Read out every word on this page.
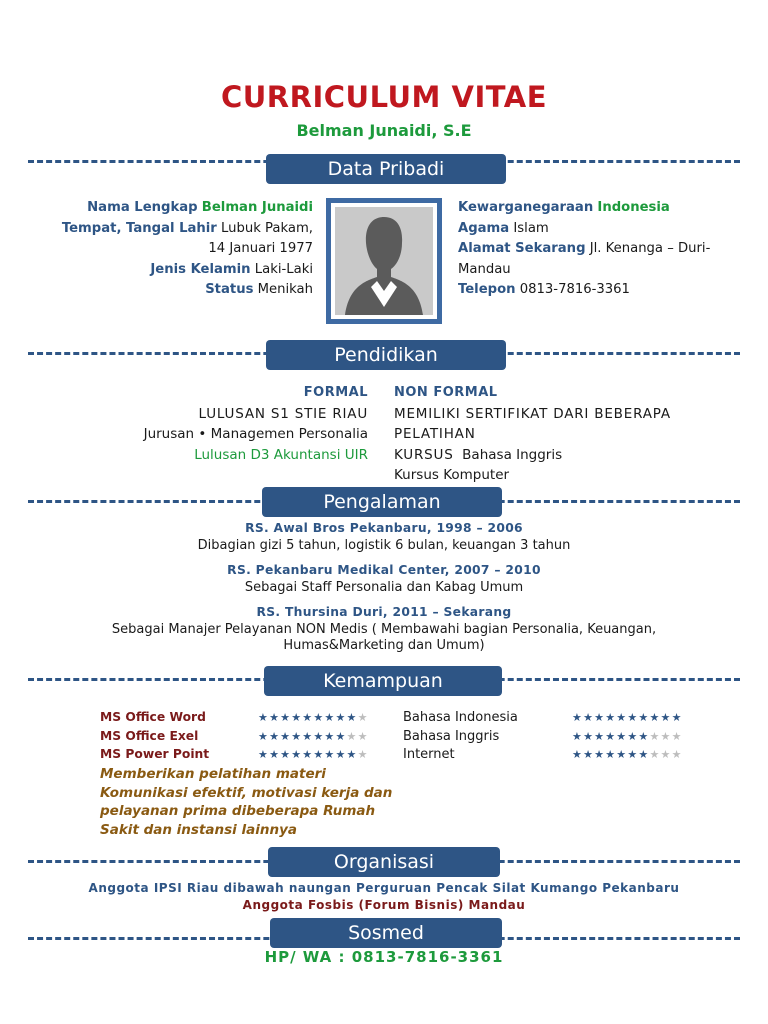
CURRICULUM VITAE
Belman Junaidi, S.E
Data Pribadi
Nama Lengkap Belman Junaidi
Tempat, Tangal Lahir Lubuk Pakam,
14 Januari 1977
Jenis Kelamin Laki-Laki
Status Menikah
Kewarganegaraan Indonesia
Agama Islam
Alamat Sekarang Jl. Kenanga – Duri-
Mandau
Telepon 0813-7816-3361
Pendidikan
FORMAL
LULUSAN S1 STIE RIAU
Jurusan • Managemen Personalia
Lulusan D3 Akuntansi UIR
NON FORMAL
MEMILIKI SERTIFIKAT DARI BEBERAPA
PELATIHAN
KURSUS Bahasa Inggris
Kursus Komputer
Pengalaman
RS. Awal Bros Pekanbaru, 1998 – 2006
Dibagian gizi 5 tahun, logistik 6 bulan, keuangan 3 tahun
RS. Pekanbaru Medikal Center, 2007 – 2010
Sebagai Staff Personalia dan Kabag Umum
RS. Thursina Duri, 2011 – Sekarang
Sebagai Manajer Pelayanan NON Medis ( Membawahi bagian Personalia, Keuangan,
Humas&Marketing dan Umum)
Kemampuan
MS Office Word	★★★★★★★★★★
MS Office Exel	★★★★★★★★★★
MS Power Point	★★★★★★★★★★
Bahasa Indonesia	★★★★★★★★★★
Bahasa Inggris	★★★★★★★★★★
Internet	★★★★★★★★★★
Memberikan pelatihan materi
Komunikasi efektif, motivasi kerja dan
pelayanan prima dibeberapa Rumah
Sakit dan instansi lainnya
Organisasi
Anggota IPSI Riau dibawah naungan Perguruan Pencak Silat Kumango Pekanbaru
Anggota Fosbis (Forum Bisnis) Mandau
Sosmed
HP/ WA : 0813-7816-3361
